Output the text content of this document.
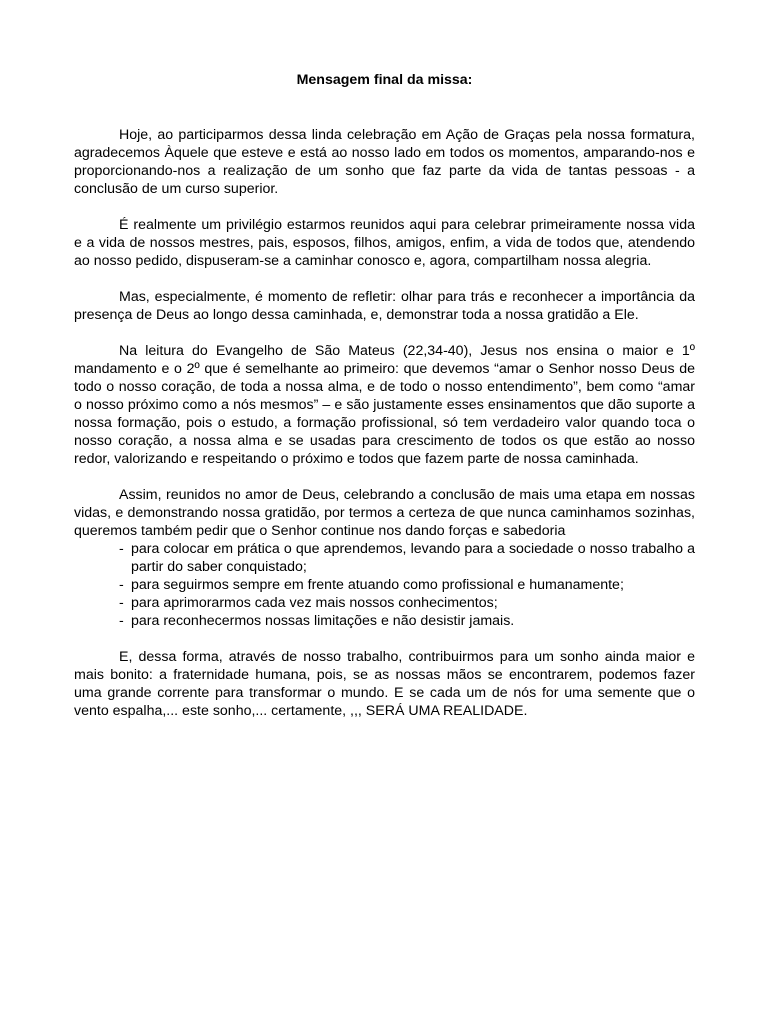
Mensagem final da missa:

Hoje, ao participarmos dessa linda celebração em Ação de Graças pela nossa formatura, agradecemos Àquele que esteve e está ao nosso lado em todos os momentos, amparando-nos e proporcionando-nos a realização de um sonho que faz parte da vida de tantas pessoas - a conclusão de um curso superior.

É realmente um privilégio estarmos reunidos aqui para celebrar primeiramente nossa vida e a vida de nossos mestres, pais, esposos, filhos, amigos, enfim, a vida de todos que, atendendo ao nosso pedido, dispuseram-se a caminhar conosco e, agora, compartilham nossa alegria.

Mas, especialmente, é momento de refletir: olhar para trás e reconhecer a importância da presença de Deus ao longo dessa caminhada, e, demonstrar toda a nossa gratidão a Ele.

Na leitura do Evangelho de São Mateus (22,34-40), Jesus nos ensina o maior e 1º mandamento e o 2º que é semelhante ao primeiro: que devemos “amar o Senhor nosso Deus de todo o nosso coração, de toda a nossa alma, e de todo o nosso entendimento”, bem como “amar o nosso próximo como a nós mesmos” – e são justamente esses ensinamentos que dão suporte a nossa formação, pois o estudo, a formação profissional, só tem verdadeiro valor quando toca o nosso coração, a nossa alma e se usadas para crescimento de todos os que estão ao nosso redor, valorizando e respeitando o próximo e todos que fazem parte de nossa caminhada.

Assim, reunidos no amor de Deus, celebrando a conclusão de mais uma etapa em nossas vidas, e demonstrando nossa gratidão, por termos a certeza de que nunca caminhamos sozinhas, queremos também pedir que o Senhor continue nos dando forças e sabedoria

- para colocar em prática o que aprendemos, levando para a sociedade o nosso trabalho a partir do saber conquistado;
- para seguirmos sempre em frente atuando como profissional e humanamente;
- para aprimorarmos cada vez mais nossos conhecimentos;
- para reconhecermos nossas limitações e não desistir jamais.

E, dessa forma, através de nosso trabalho, contribuirmos para um sonho ainda maior e mais bonito: a fraternidade humana, pois, se as nossas mãos se encontrarem, podemos fazer uma grande corrente para transformar o mundo. E se cada um de nós for uma semente que o vento espalha,... este sonho,... certamente, ,,, SERÁ UMA REALIDADE.
